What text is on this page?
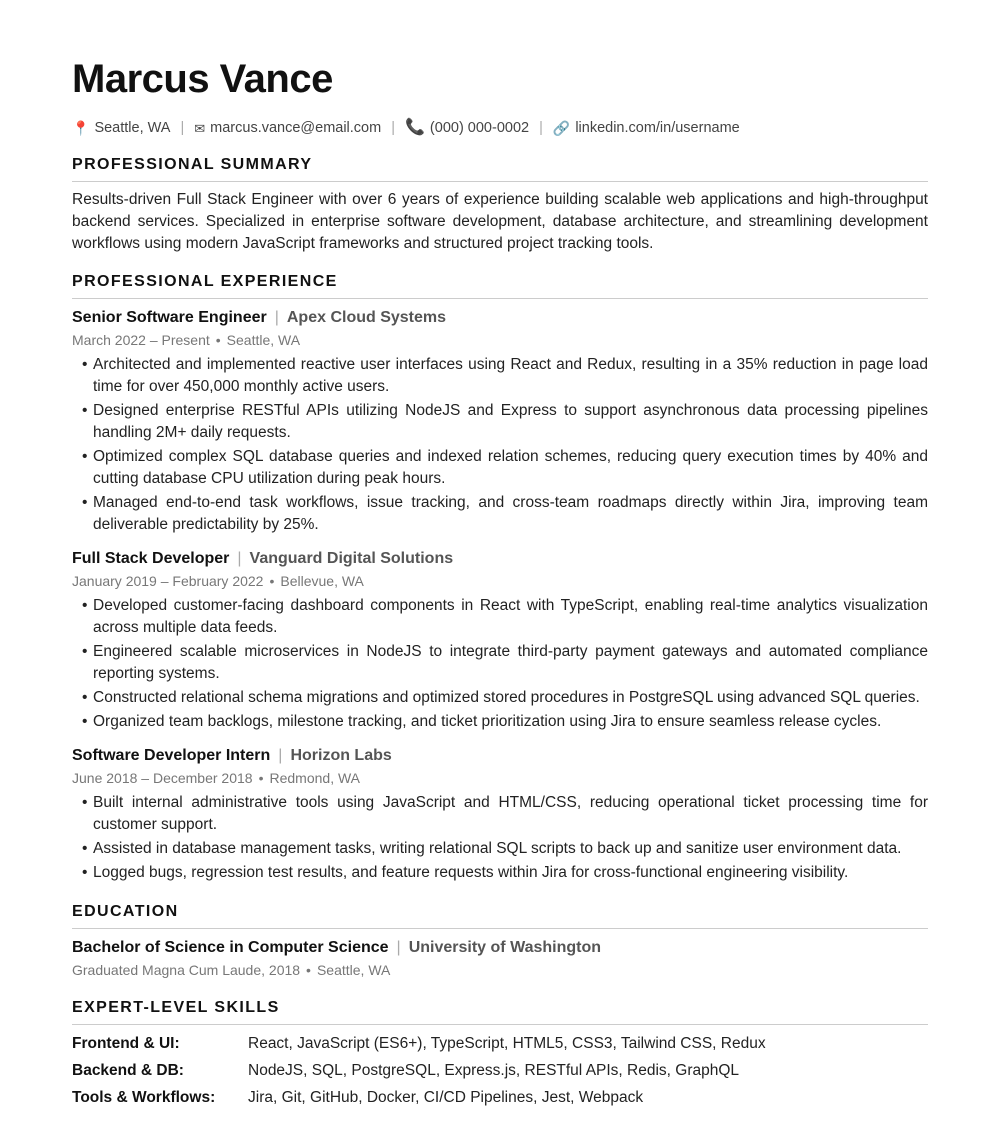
Marcus Vance
📍 Seattle, WA | ✉ marcus.vance@email.com | 📞 (000) 000-0002 | 🔗 linkedin.com/in/username
PROFESSIONAL SUMMARY

Results-driven Full Stack Engineer with over 6 years of experience building scalable web applications and high-throughput backend services. Specialized in enterprise software development, database architecture, and streamlining development workflows using modern JavaScript frameworks and structured project tracking tools.

PROFESSIONAL EXPERIENCE
Senior Software Engineer | Apex Cloud Systems
March 2022 – Present • Seattle, WA
• Architected and implemented reactive user interfaces using React and Redux, resulting in a 35% reduction in page load time for over 450,000 monthly active users.
• Designed enterprise RESTful APIs utilizing NodeJS and Express to support asynchronous data processing pipelines handling 2M+ daily requests.
• Optimized complex SQL database queries and indexed relation schemes, reducing query execution times by 40% and cutting database CPU utilization during peak hours.
• Managed end-to-end task workflows, issue tracking, and cross-team roadmaps directly within Jira, improving team deliverable predictability by 25%.
Full Stack Developer | Vanguard Digital Solutions
January 2019 – February 2022 • Bellevue, WA
• Developed customer-facing dashboard components in React with TypeScript, enabling real-time analytics visualization across multiple data feeds.
• Engineered scalable microservices in NodeJS to integrate third-party payment gateways and automated compliance reporting systems.
• Constructed relational schema migrations and optimized stored procedures in PostgreSQL using advanced SQL queries.
• Organized team backlogs, milestone tracking, and ticket prioritization using Jira to ensure seamless release cycles.
Software Developer Intern | Horizon Labs
June 2018 – December 2018 • Redmond, WA
• Built internal administrative tools using JavaScript and HTML/CSS, reducing operational ticket processing time for customer support.
• Assisted in database management tasks, writing relational SQL scripts to back up and sanitize user environment data.
• Logged bugs, regression test results, and feature requests within Jira for cross-functional engineering visibility.
EDUCATION
Bachelor of Science in Computer Science | University of Washington
Graduated Magna Cum Laude, 2018 • Seattle, WA
EXPERT-LEVEL SKILLS
Frontend & UI:	React, JavaScript (ES6+), TypeScript, HTML5, CSS3, Tailwind CSS, Redux
Backend & DB:	NodeJS, SQL, PostgreSQL, Express.js, RESTful APIs, Redis, GraphQL
Tools & Workflows:	Jira, Git, GitHub, Docker, CI/CD Pipelines, Jest, Webpack
